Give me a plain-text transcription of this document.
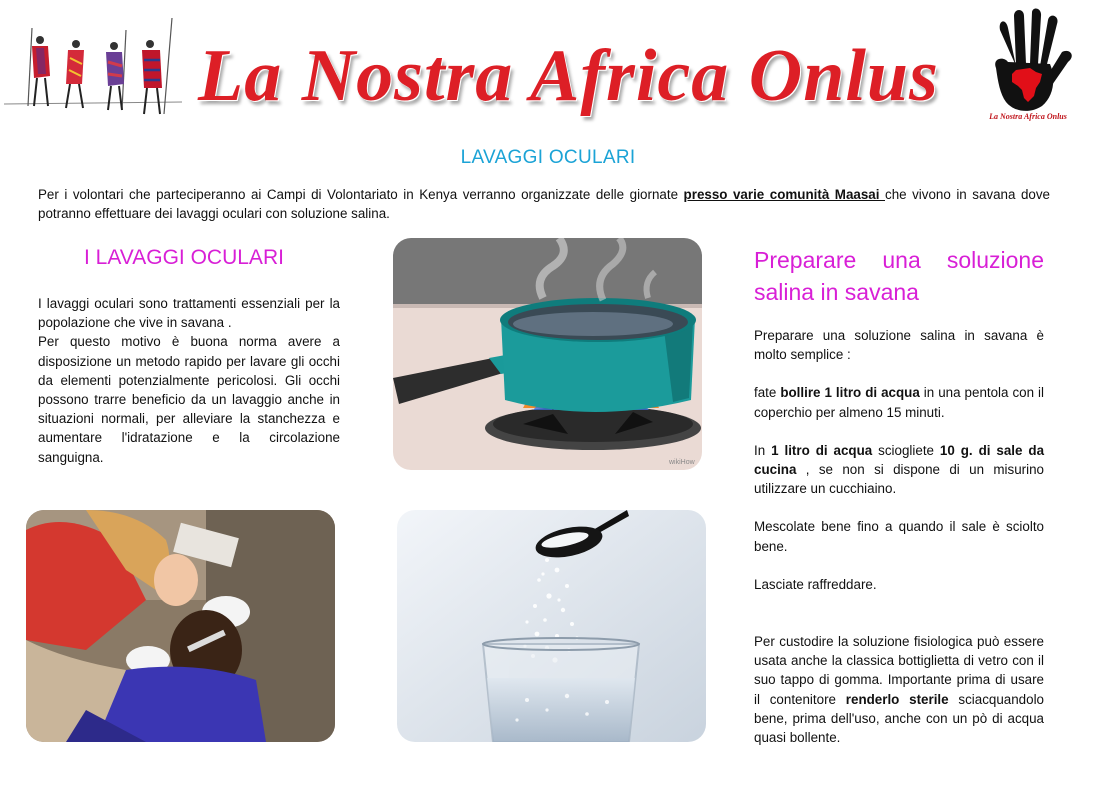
La Nostra Africa Onlus	La Nostra Africa Onlus
LAVAGGI OCULARI
Per i volontari che parteciperanno ai Campi di Volontariato in Kenya verranno organizzate delle giornate presso varie comunità Maasai che vivono in savana dove potranno effettuare dei lavaggi oculari con soluzione salina.
I LAVAGGI OCULARI

I lavaggi oculari sono trattamenti essenziali per la popolazione che vive in savana .

Per questo motivo è buona norma avere a disposizione un metodo rapido per lavare gli occhi da elementi potenzialmente pericolosi. Gli occhi possono trarre beneficio da un lavaggio anche in situazioni normali, per alleviare la stanchezza e aumentare l'idratazione e la circolazione sanguigna.	wikiHow
Preparare una soluzione
salina in savana

Preparare una soluzione salina in savana è molto semplice :

fate bollire 1 litro di acqua in una pentola con il coperchio per almeno 15 minuti.

In 1 litro di acqua sciogliete 10 g. di sale da cucina , se non si dispone di un misurino utilizzare un cucchiaino.

Mescolate bene fino a quando il sale è sciolto bene.

Lasciate raffreddare.

Per custodire la soluzione fisiologica può essere usata anche la classica bottiglietta di vetro con il suo tappo di gomma. Importante prima di usare il contenitore renderlo sterile sciacquandolo bene, prima dell'uso, anche con un pò di acqua quasi bollente.
